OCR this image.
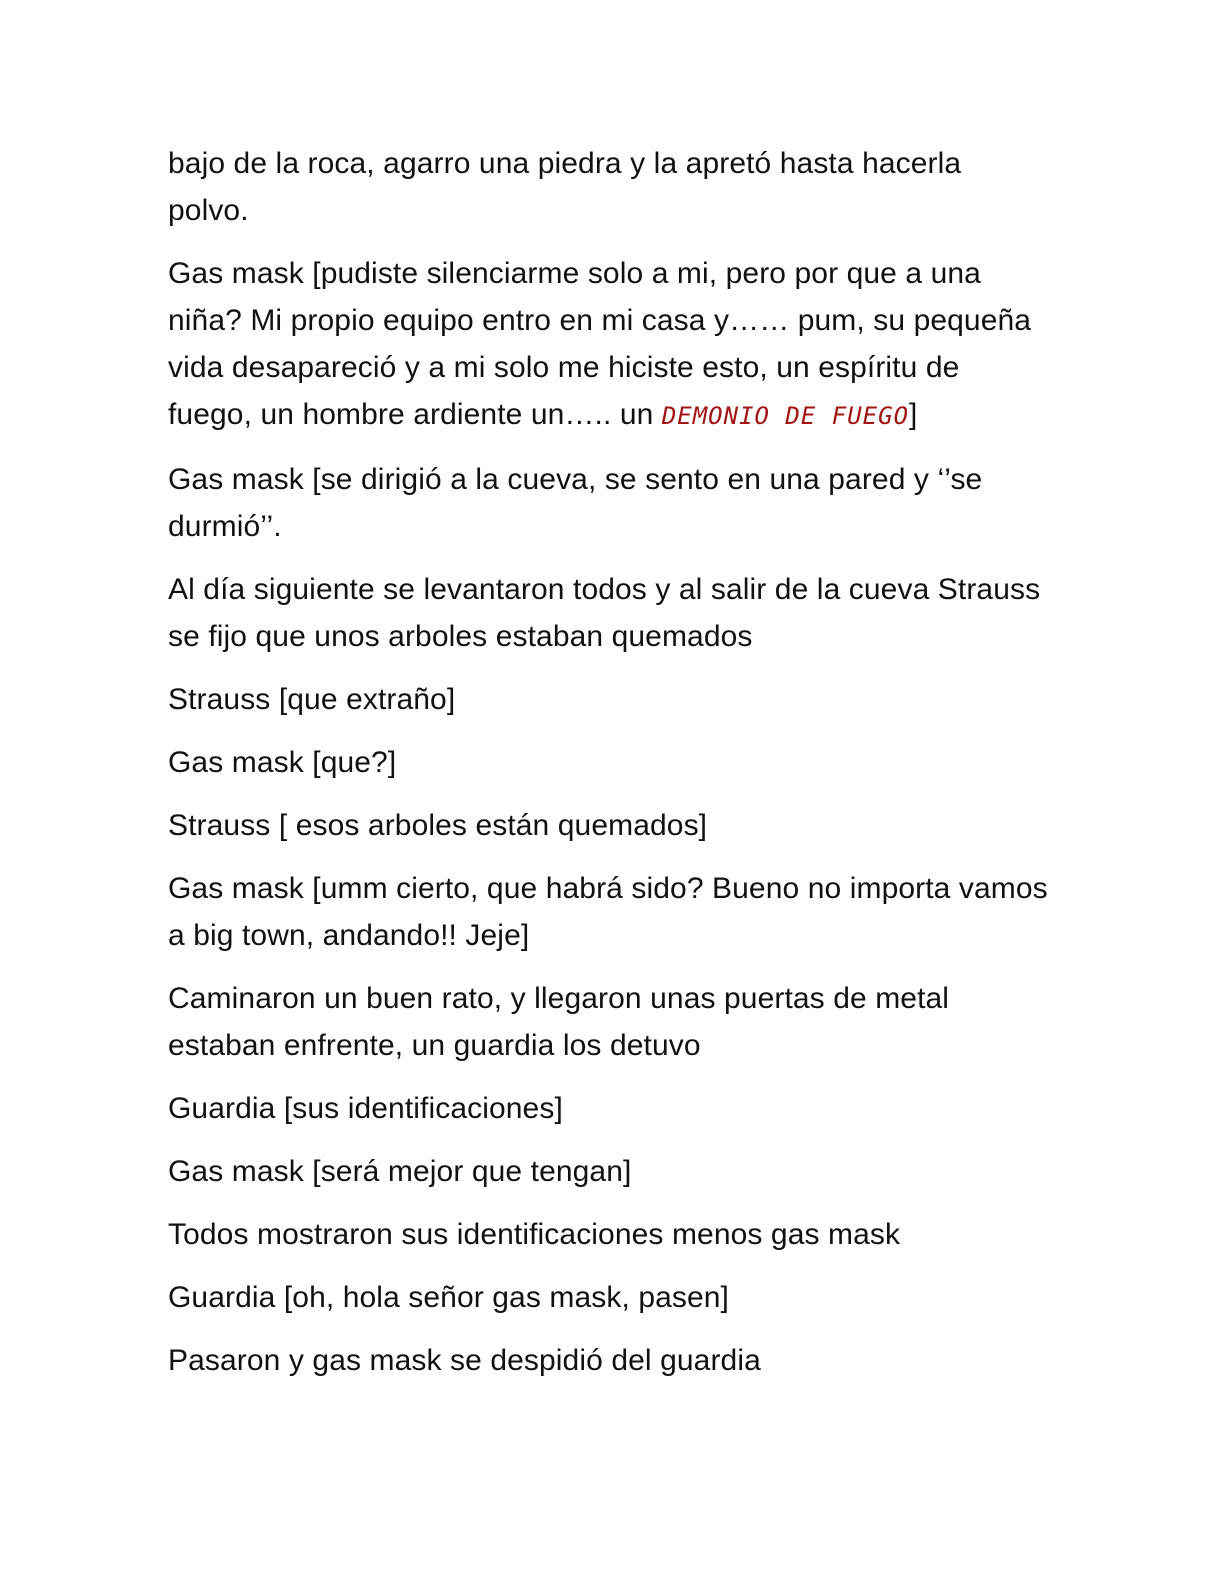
bajo de la roca, agarro una piedra y la apretó hasta hacerla polvo.

Gas mask [pudiste silenciarme solo a mi, pero por que a una niña? Mi propio equipo entro en mi casa y…… pum, su pequeña vida desapareció y a mi solo me hiciste esto, un espíritu de fuego, un hombre ardiente un….. un DEMONIO DE FUEGO]

Gas mask [se dirigió a la cueva, se sento en una pared y ‘’se durmió’’.

Al día siguiente se levantaron todos y al salir de la cueva Strauss se fijo que unos arboles estaban quemados

Strauss [que extraño]

Gas mask [que?]

Strauss [ esos arboles están quemados]

Gas mask [umm cierto, que habrá sido? Bueno no importa vamos a big town, andando!! Jeje]

Caminaron un buen rato, y llegaron unas puertas de metal estaban enfrente, un guardia los detuvo

Guardia [sus identificaciones]

Gas mask [será mejor que tengan]

Todos mostraron sus identificaciones menos gas mask

Guardia [oh, hola señor gas mask, pasen]

Pasaron y gas mask se despidió del guardia
